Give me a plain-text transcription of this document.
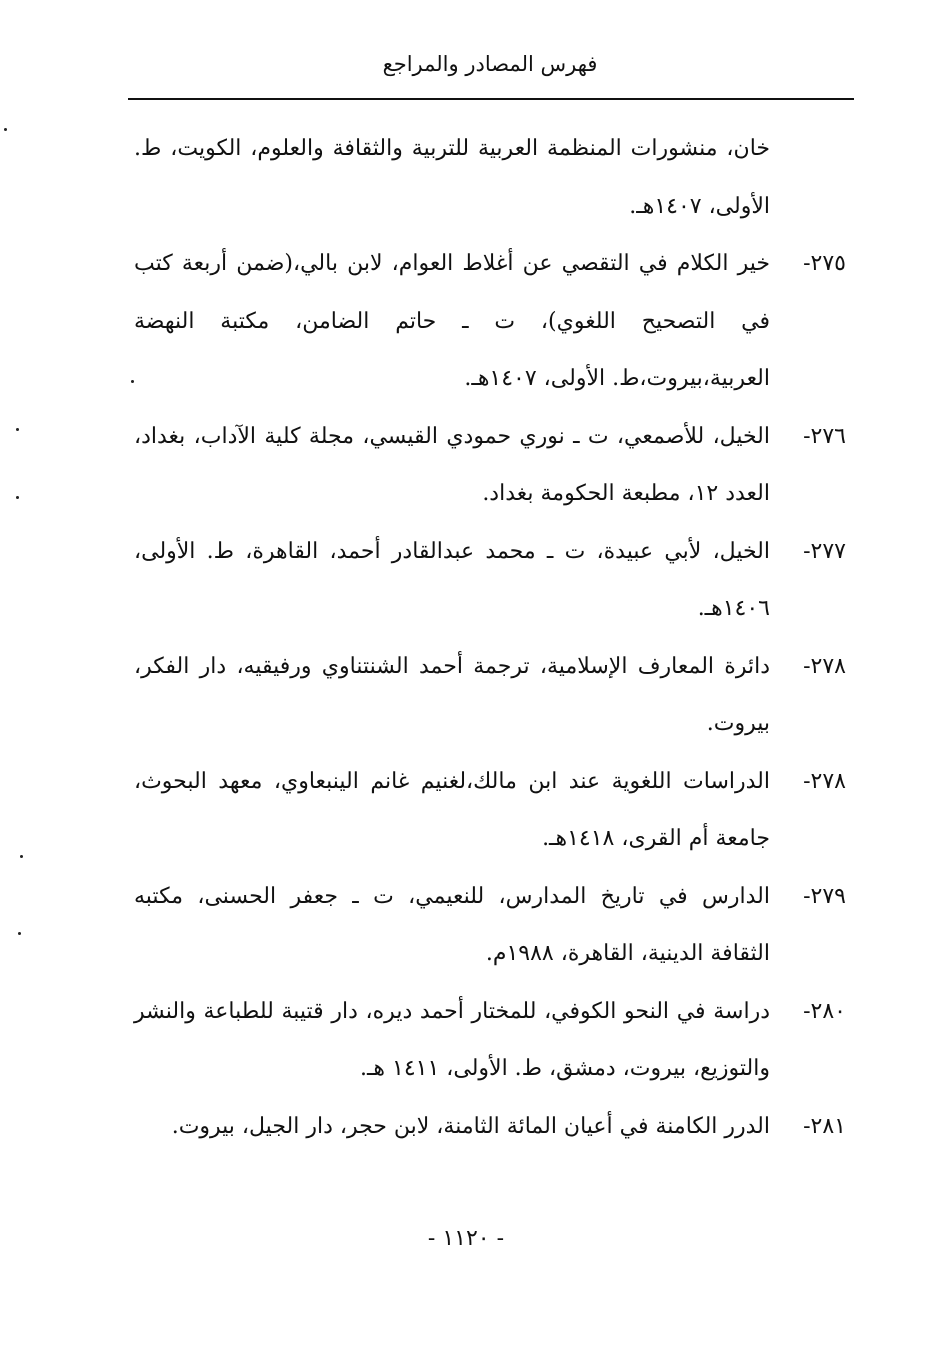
فهرس المصادر والمراجع
خان، منشورات المنظمة العربية للتربية والثقافة والعلوم، الكويت، ط. الأولى، ١٤٠٧هـ.
٢٧٥-
خير الكلام في التقصي عن أغلاط العوام، لابن بالي،(ضمن أربعة كتب في التصحيح اللغوي)، ت ـ حاتم الضامن، مكتبة النهضة العربية،بيروت،ط. الأولى، ١٤٠٧هـ.
٢٧٦-
الخيل، للأصمعي، ت ـ نوري حمودي القيسي، مجلة كلية الآداب، بغداد، العدد ١٢، مطبعة الحكومة بغداد.
٢٧٧-
الخيل، لأبي عبيدة، ت ـ محمد عبدالقادر أحمد، القاهرة، ط. الأولى، ١٤٠٦هـ.
٢٧٨-
دائرة المعارف الإسلامية، ترجمة أحمد الشنتناوي ورفيقيه، دار الفكر، بيروت.
٢٧٨-
الدراسات اللغوية عند ابن مالك،لغنيم غانم الينبعاوي، معهد البحوث، جامعة أم القرى، ١٤١٨هـ.
٢٧٩-
الدارس في تاريخ المدارس، للنعيمي، ت ـ جعفر الحسنى، مكتبه الثقافة الدينية، القاهرة، ١٩٨٨م.
٢٨٠-
دراسة في النحو الكوفي، للمختار أحمد ديره، دار قتيبة للطباعة والنشر والتوزيع، بيروت، دمشق، ط. الأولى، ١٤١١ هـ.
٢٨١-
الدرر الكامنة في أعيان المائة الثامنة، لابن حجر، دار الجيل، بيروت.
- ١١٢٠ -
